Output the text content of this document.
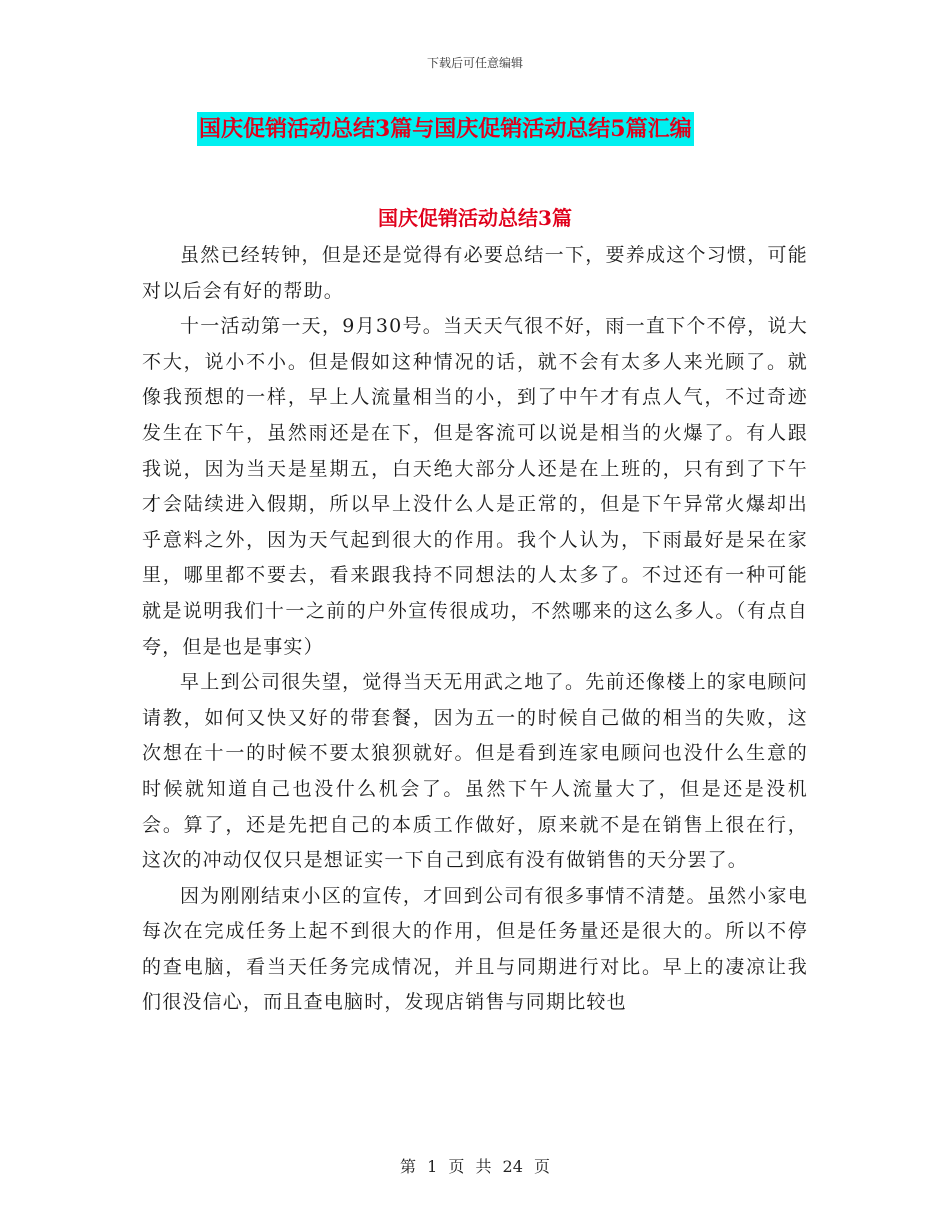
下载后可任意编辑
国庆促销活动总结3篇与国庆促销活动总结5篇汇编
国庆促销活动总结3篇

虽然已经转钟，但是还是觉得有必要总结一下，要养成这个习惯，可能对以后会有好的帮助。

十一活动第一天，9月30号。当天天气很不好，雨一直下个不停，说大不大，说小不小。但是假如这种情况的话，就不会有太多人来光顾了。就像我预想的一样，早上人流量相当的小，到了中午才有点人气，不过奇迹发生在下午，虽然雨还是在下，但是客流可以说是相当的火爆了。有人跟我说，因为当天是星期五，白天绝大部分人还是在上班的，只有到了下午才会陆续进入假期，所以早上没什么人是正常的，但是下午异常火爆却出乎意料之外，因为天气起到很大的作用。我个人认为，下雨最好是呆在家里，哪里都不要去，看来跟我持不同想法的人太多了。不过还有一种可能就是说明我们十一之前的户外宣传很成功，不然哪来的这么多人。（有点自夸，但是也是事实）

早上到公司很失望，觉得当天无用武之地了。先前还像楼上的家电顾问请教，如何又快又好的带套餐，因为五一的时候自己做的相当的失败，这次想在十一的时候不要太狼狈就好。但是看到连家电顾问也没什么生意的时候就知道自己也没什么机会了。虽然下午人流量大了，但是还是没机会。算了，还是先把自己的本质工作做好，原来就不是在销售上很在行，这次的冲动仅仅只是想证实一下自己到底有没有做销售的天分罢了。

因为刚刚结束小区的宣传，才回到公司有很多事情不清楚。虽然小家电每次在完成任务上起不到很大的作用，但是任务量还是很大的。所以不停的查电脑，看当天任务完成情况，并且与同期进行对比。早上的凄凉让我们很没信心，而且查电脑时，发现店销售与同期比较也

第 1 页 共 24 页
